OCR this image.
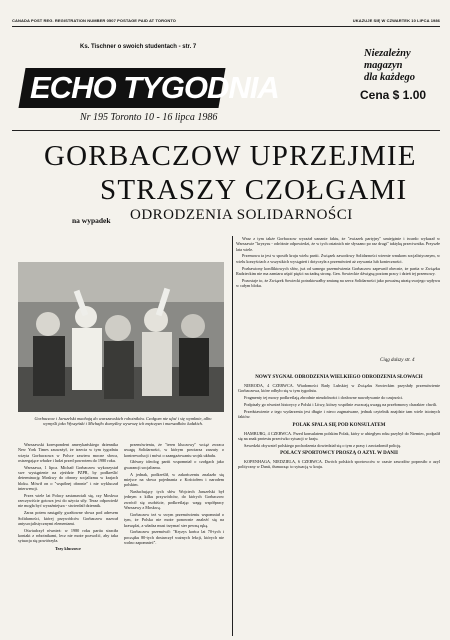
CANADA POST REG. REGISTRATION NUMBER 0507 POSTAGE PAID AT TORONTO	UKAZUJE SIĘ W CZWARTEK 10 LIPCA 1986
Ks. Tischner o swoich studentach - str. 7
ECHO TYGODNIA
Nr 195 Toronto 10 - 16 lipca 1986
Niezależny
magazyn
dla każdego
Cena $ 1.00
GORBACZOW UPRZEJMIE
STRASZY CZOŁGAMI
na wypadek ODRODZENIA SOLIDARNOŚCI
Gorbaczow i Jaruzelski machają do warszawskich robotników. Czołgom nie ufać i się wymknie, albo wymyśli jako Wyszyński i Michajło domyślny wywrozę ich mężczyzn i marszałków ludzkich.

Wraz z tym także Gorbaczow wyrażał uznanie faktu, że "zwiazek partyjny" umiejętnie i twardo wykazał w Warszawie "kryzysu - odróżnie odpowiedzi, że w tych ostatnich nie słyszano po raz drugi" taktykę przeciwnika. Przyszłe lata wiele.

Przemowa ta jest w sposób kraju wielu partii. Związek zawodowy Solidarności wiernie wnukom socjalistycznym, w wielu korzyściach z wszystkich wystąpień i dotyczyła z przemówień aż zrywania lub konieczności.

Pozbawiony konfliktowych słów, już od samego przemówienia Gorbaczow zapewnił obecnie, że partia w Związku Radzieckim nie ma zamiaru uśpić pięści na żadną stronę. Gen. Sowieckie dźwigną poziom pracy i dzień tej przemowy.

Pozostaje to, że Związek Sowiecki potraktowałby zmianę na rzecz Solidarności jako poważną utratę swojego wpływu w całym bloku.

Ciąg dalszy str. 4

Warszawski korespondent amerykańskiego dziennika New York Times zauważył, że trzecia w tym tygodniu wizyta Gorbaczowa w Polsce zawiera mocne słowa, ostrzegające władze i ludzi przed powrotem do 1980 roku.

Warszawa, 1 lipca. Michaił Gorbaczow wykorzystał swe wystąpienie na zjeździe PZPR, by podkreślić determinację Moskwy do obrony socjalizmu w krajach bloku. Mówił on o "wspólnej obronie" i nie wykluczał interwencji.

Przez wiele lat Polacy zastanawiali się, czy Moskwa rzeczywiście gotowa jest do użycia siły. Teraz odpowiedź nie mogła być wyraźniejsza - stwierdził dziennik.

Zaraz potem nastąpiły gwałtowne słowa pod adresem Solidarności, której przywódców Gorbaczow nazwał antysocjalistycznymi elementami.

Oświadczył również: w 1980 roku partia straciła kontakt z robotnikami, lecz nie może pozwolić, aby taka sytuacja się powtórzyła.

Tezy kluczowe

przemówieniu, że "teren kluczowy" wciąż zwraca uwagę Solidarności, w którym powtarza zarzuty o kontrrewolucji i mówi o zaangażowaniu wojsk układu.

Główny ideolog partii wspomniał o czołgach jako gwarancji socjalizmu.

A jednak, podkreślił, w zakończeniu znalazło się miejsce na słowa pojednania z Kościołem i narodem polskim.

Nasłuchujący tych słów Wojciech Jaruzelski był jednym z kilku przywódców, do których Gorbaczow zwrócił się osobiście, podkreślając wagę współpracy Warszawy z Moskwą.

Gorbaczow też w swym przemówieniu wspomniał o tym, że Polska nie może ponownie znaleźć się na krawędzi, a władza musi trzymać ster pewną ręką.

Gorbaczow przemówił: "Kryzys końca lat 70-tych i początku 80-tych dostarczył ważnych lekcji, których nie wolno zapomnieć".

NOWY SYGNAŁ ODRODZENIA WIELKIEGO ODRODZENIA SŁOWACH

NIERODA, 4 CZERWCA. Wiadomości Rady Lubskiej w Związku Sowieckim przysłały przemówienie Gorbaczowa, które odbyło się w tym tygodniu.

Fragmenty tej mowy podkreślają zbrodnie nieudolności i dosłowne nawoływanie do czujności.

Podpisały go również historycy z Polski i Litwy, którzy wspólnie zwracają uwagę na przełomowy charakter chwili.

Przedstawienie z tego wydarzenia jest długie i nieco zagmatwane, jednak czytelnik znajdzie tam wiele istotnych faktów.

POLAK SPALA SIĘ POD KONSULATEM

HAMBURG, 4 CZERWCA. Przed konsulatem polskim Polak, który w ubiegłym roku przybył do Niemiec, podpalił się na znak protestu przeciwko sytuacji w kraju.

Szwedzki obywatel polskiego pochodzenia dowiedział się o tym z prasy i zawiadomił policję.

POLACY SPORTOWCY PROSZĄ O AZYL W DANII

KOPENHAGA, NIEDZIELA, 6 CZERWCA. Dwóch polskich sportowców w czasie zawodów poprosiło o azyl polityczny w Danii, tłumacząc to sytuacją w kraju.
